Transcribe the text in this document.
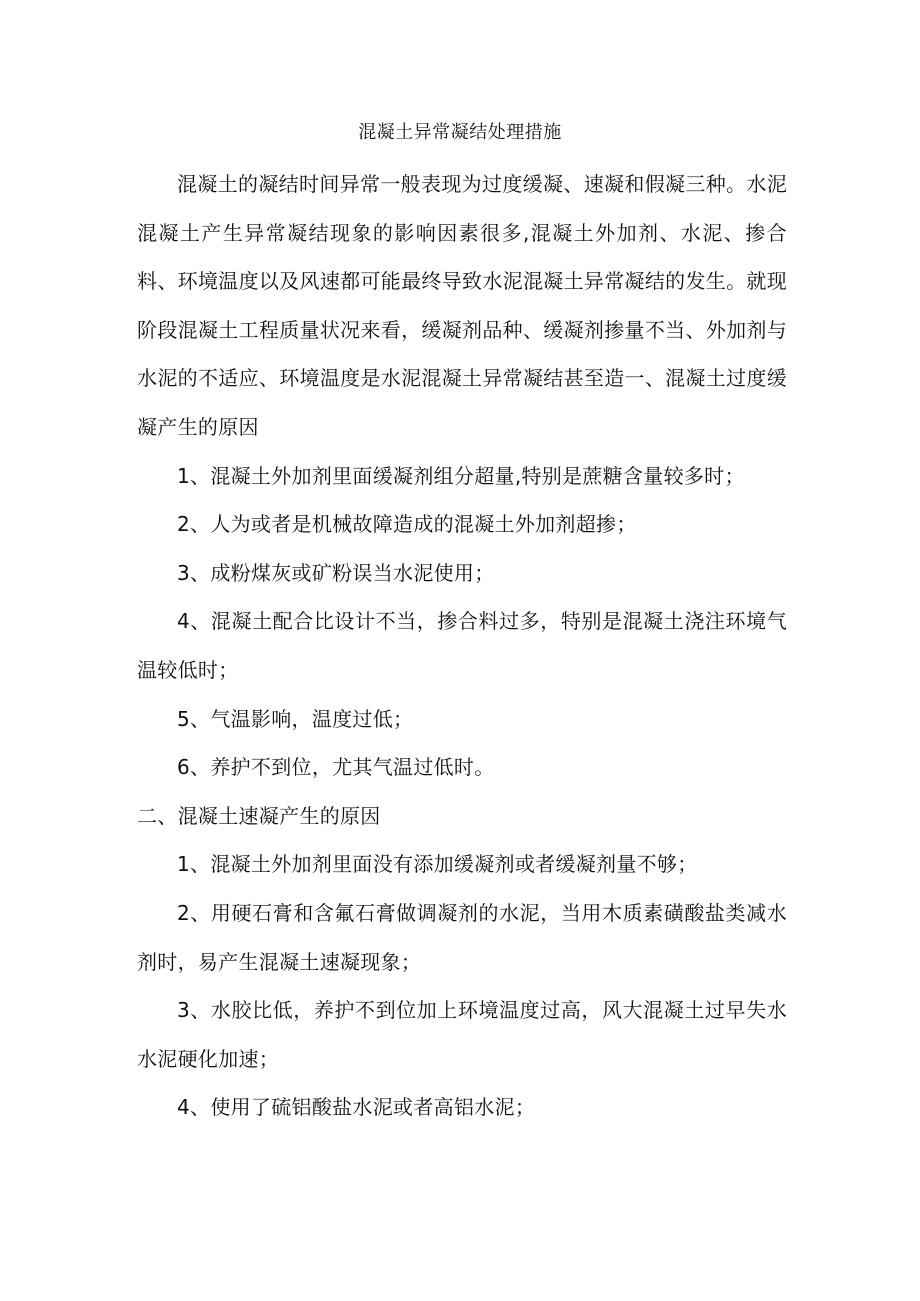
混凝土异常凝结处理措施

混凝土的凝结时间异常一般表现为过度缓凝、速凝和假凝三种。水泥混凝土产生异常凝结现象的影响因素很多,混凝土外加剂、水泥、掺合料、环境温度以及风速都可能最终导致水泥混凝土异常凝结的发生。就现阶段混凝土工程质量状况来看，缓凝剂品种、缓凝剂掺量不当、外加剂与水泥的不适应、环境温度是水泥混凝土异常凝结甚至造一、混凝土过度缓凝产生的原因

1、混凝土外加剂里面缓凝剂组分超量,特别是蔗糖含量较多时；

2、人为或者是机械故障造成的混凝土外加剂超掺；

3、成粉煤灰或矿粉误当水泥使用；

4、混凝土配合比设计不当，掺合料过多，特别是混凝土浇注环境气温较低时；

5、气温影响，温度过低；

6、养护不到位，尤其气温过低时。

二、混凝土速凝产生的原因

1、混凝土外加剂里面没有添加缓凝剂或者缓凝剂量不够；

2、用硬石膏和含氟石膏做调凝剂的水泥，当用木质素磺酸盐类减水剂时，易产生混凝土速凝现象；

3、水胶比低，养护不到位加上环境温度过高，风大混凝土过早失水水泥硬化加速；

4、使用了硫铝酸盐水泥或者高铝水泥；
